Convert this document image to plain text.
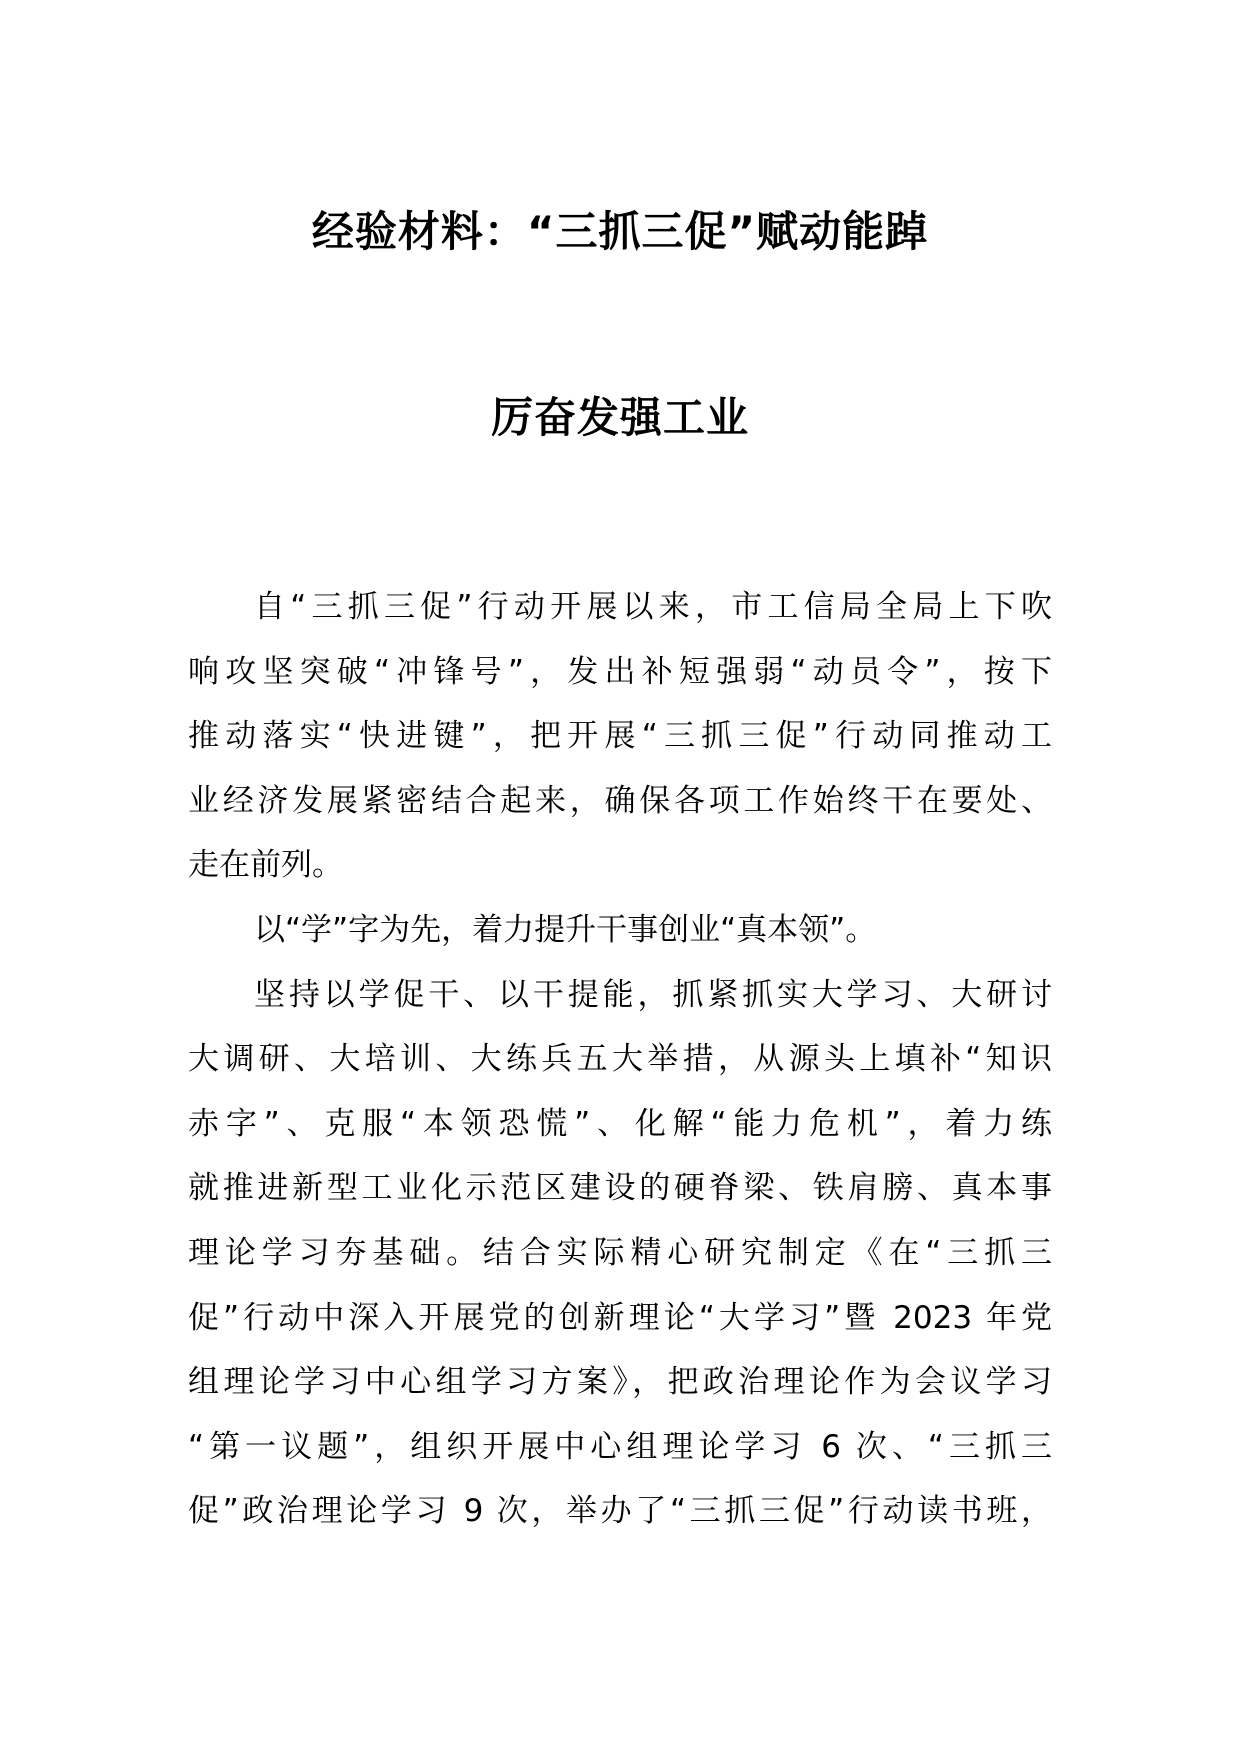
经验材料：“三抓三促”赋动能踔
厉奋发强工业
自“三抓三促”行动开展以来，市工信局全局上下吹
响攻坚突破“冲锋号”，发出补短强弱“动员令”，按下
推动落实“快进键”，把开展“三抓三促”行动同推动工
业经济发展紧密结合起来，确保各项工作始终干在要处、
走在前列。
以“学”字为先，着力提升干事创业“真本领”。
坚持以学促干、以干提能，抓紧抓实大学习、大研讨
大调研、大培训、大练兵五大举措，从源头上填补“知识
赤字”、克服“本领恐慌”、化解“能力危机”，着力练
就推进新型工业化示范区建设的硬脊梁、铁肩膀、真本事
理论学习夯基础。结合实际精心研究制定《在“三抓三
促”行动中深入开展党的创新理论“大学习”暨 2023 年党
组理论学习中心组学习方案》，把政治理论作为会议学习
“第一议题”，组织开展中心组理论学习 6 次、“三抓三
促”政治理论学习 9 次，举办了“三抓三促”行动读书班，
